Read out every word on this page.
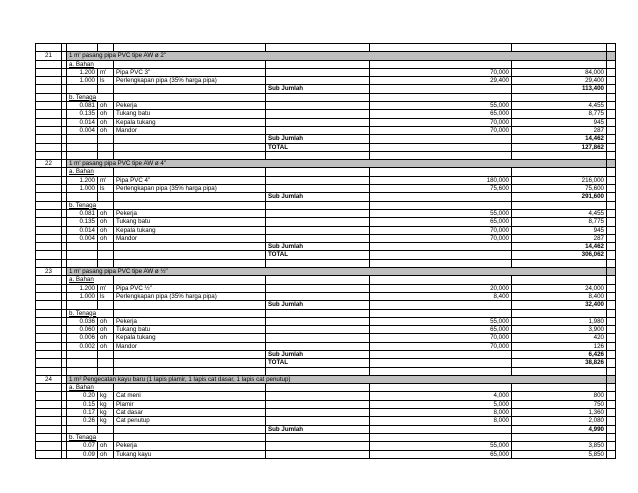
21		1 m' pasang pipa PVC tipe AW ø 2"						
		a. Bahan						
		1.200	m'	Pipa PVC 3"		70,000	84,000	
		1.000	ls	Perlengkapan pipa (35% harga pipa)		29,400	29,400	
					Sub Jumlah		113,400	
		b. Tenaga						
		0.081	oh	Pekerja		55,000	4,455	
		0.135	oh	Tukang batu		65,000	8,775	
		0.014	oh	Kepala tukang		70,000	945	
		0.004	oh	Mandor		70,000	287	
					Sub Jumlah		14,462	
					TOTAL		127,862	

22		1 m' pasang pipa PVC tipe AW ø 4"						
		a. Bahan						
		1.200	m'	Pipa PVC 4"		180,000	216,000	
		1.000	ls	Perlengkapan pipa (35% harga pipa)		75,600	75,600	
					Sub Jumlah		291,600	
		b. Tenaga						
		0.081	oh	Pekerja		55,000	4,455	
		0.135	oh	Tukang batu		65,000	8,775	
		0.014	oh	Kepala tukang		70,000	945	
		0.004	oh	Mandor		70,000	287	
					Sub Jumlah		14,462	
					TOTAL		306,062	

23		1 m' pasang pipa PVC tipe AW ø ½"						
		a. Bahan						
		1.200	m'	Pipa PVC ½"		20,000	24,000	
		1.000	ls	Perlengkapan pipa (35% harga pipa)		8,400	8,400	
					Sub Jumlah		32,400	
		b. Tenaga						
		0.036	oh	Pekerja		55,000	1,980	
		0.060	oh	Tukang batu		65,000	3,900	
		0.006	oh	Kepala tukang		70,000	420	
		0.002	oh	Mandor		70,000	126	
					Sub Jumlah		6,426	
					TOTAL		38,826	

24		1 m² Pengecatan kayu baru (1 lapis plamir, 1 lapis cat dasar, 1 lapis cat penutup)						
		a. Bahan						
		0.20	kg	Cat meni		4,000	800	
		0.15	kg	Plamir		5,000	750	
		0.17	kg	Cat dasar		8,000	1,360	
		0.26	kg	Cat penutup		8,000	2,080	
					Sub Jumlah		4,990	
		b. Tenaga						
		0.07	oh	Pekerja		55,000	3,850	
		0.09	oh	Tukang kayu		65,000	5,850	
